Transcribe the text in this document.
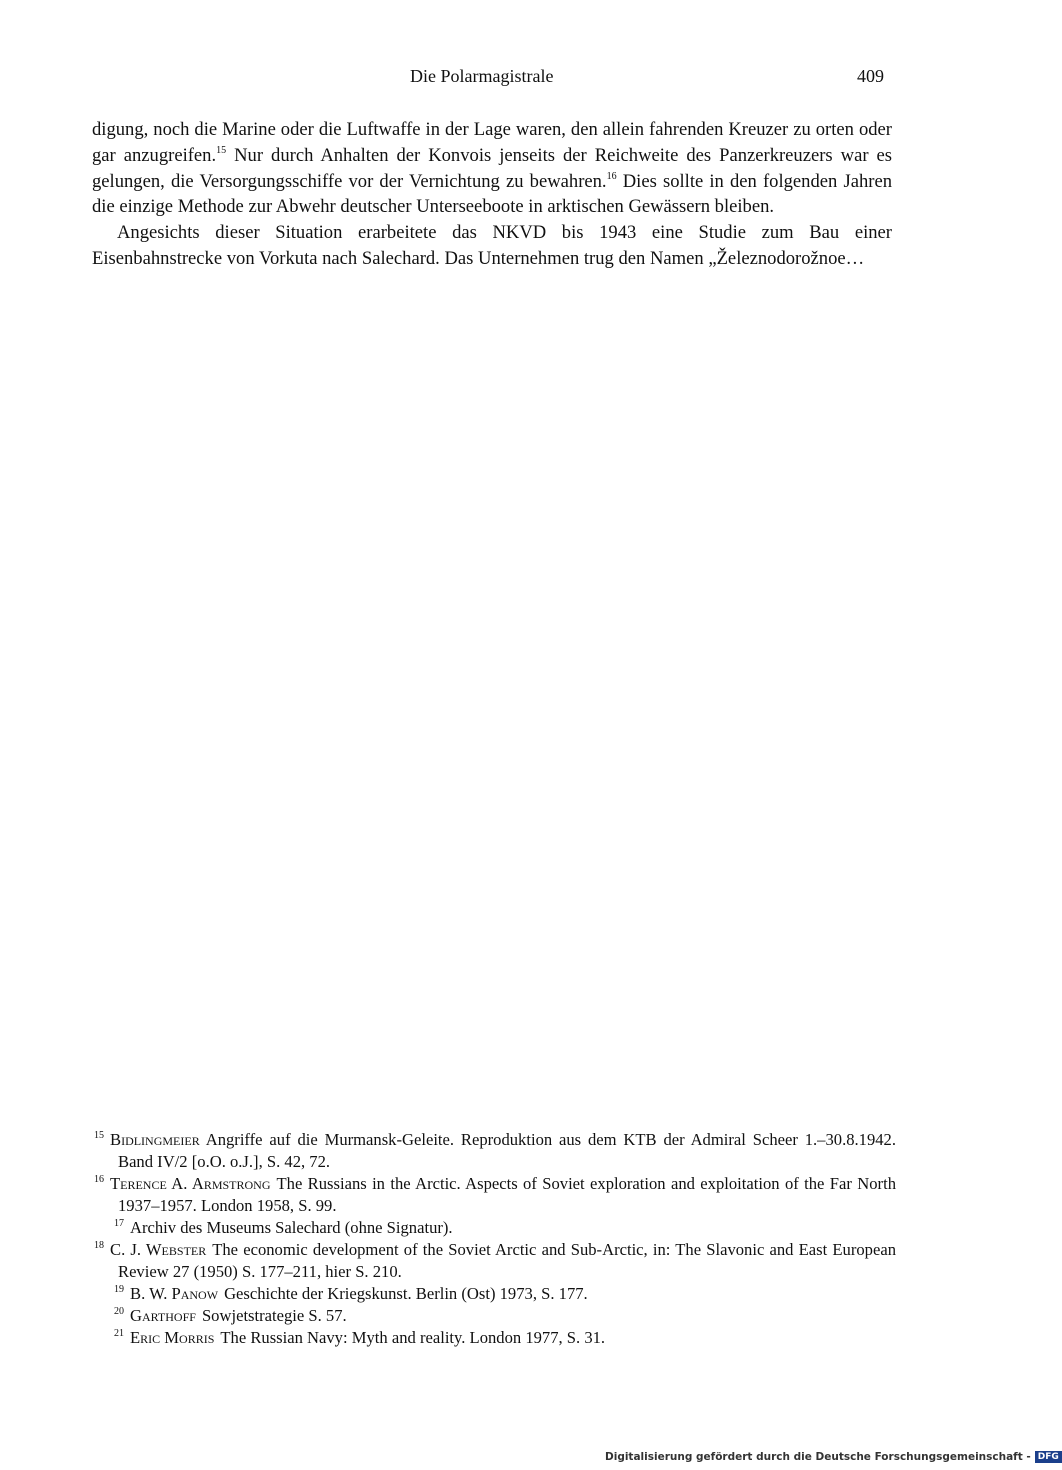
Die Polarmagistrale	409

digung, noch die Marine oder die Luftwaffe in der Lage waren, den allein fahrenden Kreuzer zu orten oder gar anzugreifen.$^{15}$ Nur durch Anhalten der Konvois jenseits der Reichweite des Panzerkreuzers war es gelungen, die Versorgungsschiffe vor der Vernichtung zu bewahren.$^{16}$ Dies sollte in den folgenden Jahren die einzige Methode zur Abwehr deutscher Unterseeboote in arktischen Gewässern bleiben.

Angesichts dieser Situation erarbeitete das NKVD bis 1943 eine Studie zum Bau einer Eisenbahnstrecke von Vorkuta nach Salechard. Das Unternehmen trug den Namen „Železnodorožnoe…

$^{15}$ Bidlingmeier Angriffe auf die Murmansk-Geleite. Reproduktion aus dem KTB der Admiral Scheer 1.–30.8.1942. Band IV/2 [o.O. o.J.], S. 42, 72.

$^{16}$ Terence A. Armstrong The Russians in the Arctic. Aspects of Soviet exploration and exploitation of the Far North 1937–1957. London 1958, S. 99.

$^{17}$ Archiv des Museums Salechard (ohne Signatur).

$^{18}$ C. J. Webster The economic development of the Soviet Arctic and Sub-Arctic, in: The Slavonic and East European Review 27 (1950) S. 177–211, hier S. 210.

$^{19}$ B. W. Panow Geschichte der Kriegskunst. Berlin (Ost) 1973, S. 177.

$^{20}$ Garthoff Sowjetstrategie S. 57.

$^{21}$ Eric Morris The Russian Navy: Myth and reality. London 1977, S. 31.

Digitalisierung gefördert durch die Deutsche Forschungsgemeinschaft - DFG
